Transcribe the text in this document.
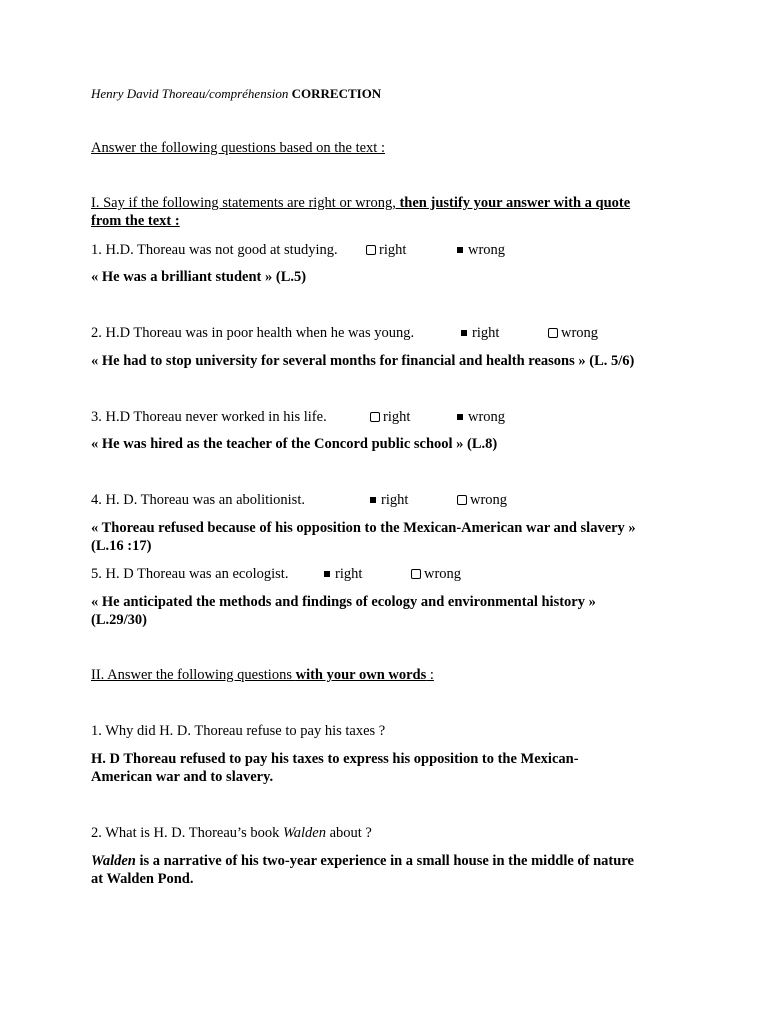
Henry David Thoreau/compréhension CORRECTION
Answer the following questions based on the text :
I. Say if the following statements are right or wrong, then justify your answer with a quote
from the text :
1. H.D. Thoreau was not good at studying.	right	wrong
« He was a brilliant student » (L.5)
2. H.D Thoreau was in poor health when he was young.	right	wrong
« He had to stop university for several months for financial and health reasons » (L. 5/6)
3. H.D Thoreau never worked in his life.	right	wrong
« He was hired as the teacher of the Concord public school » (L.8)
4. H. D. Thoreau was an abolitionist.	right	wrong
« Thoreau refused because of his opposition to the Mexican-American war and slavery »
(L.16 :17)
5. H. D Thoreau was an ecologist.	right	wrong
« He anticipated the methods and findings of ecology and environmental history »
(L.29/30)
II. Answer the following questions with your own words :
1. Why did H. D. Thoreau refuse to pay his taxes ?
H. D Thoreau refused to pay his taxes to express his opposition to the Mexican-
American war and to slavery.
2. What is H. D. Thoreau’s book Walden about ?
Walden is a narrative of his two-year experience in a small house in the middle of nature
at Walden Pond.
